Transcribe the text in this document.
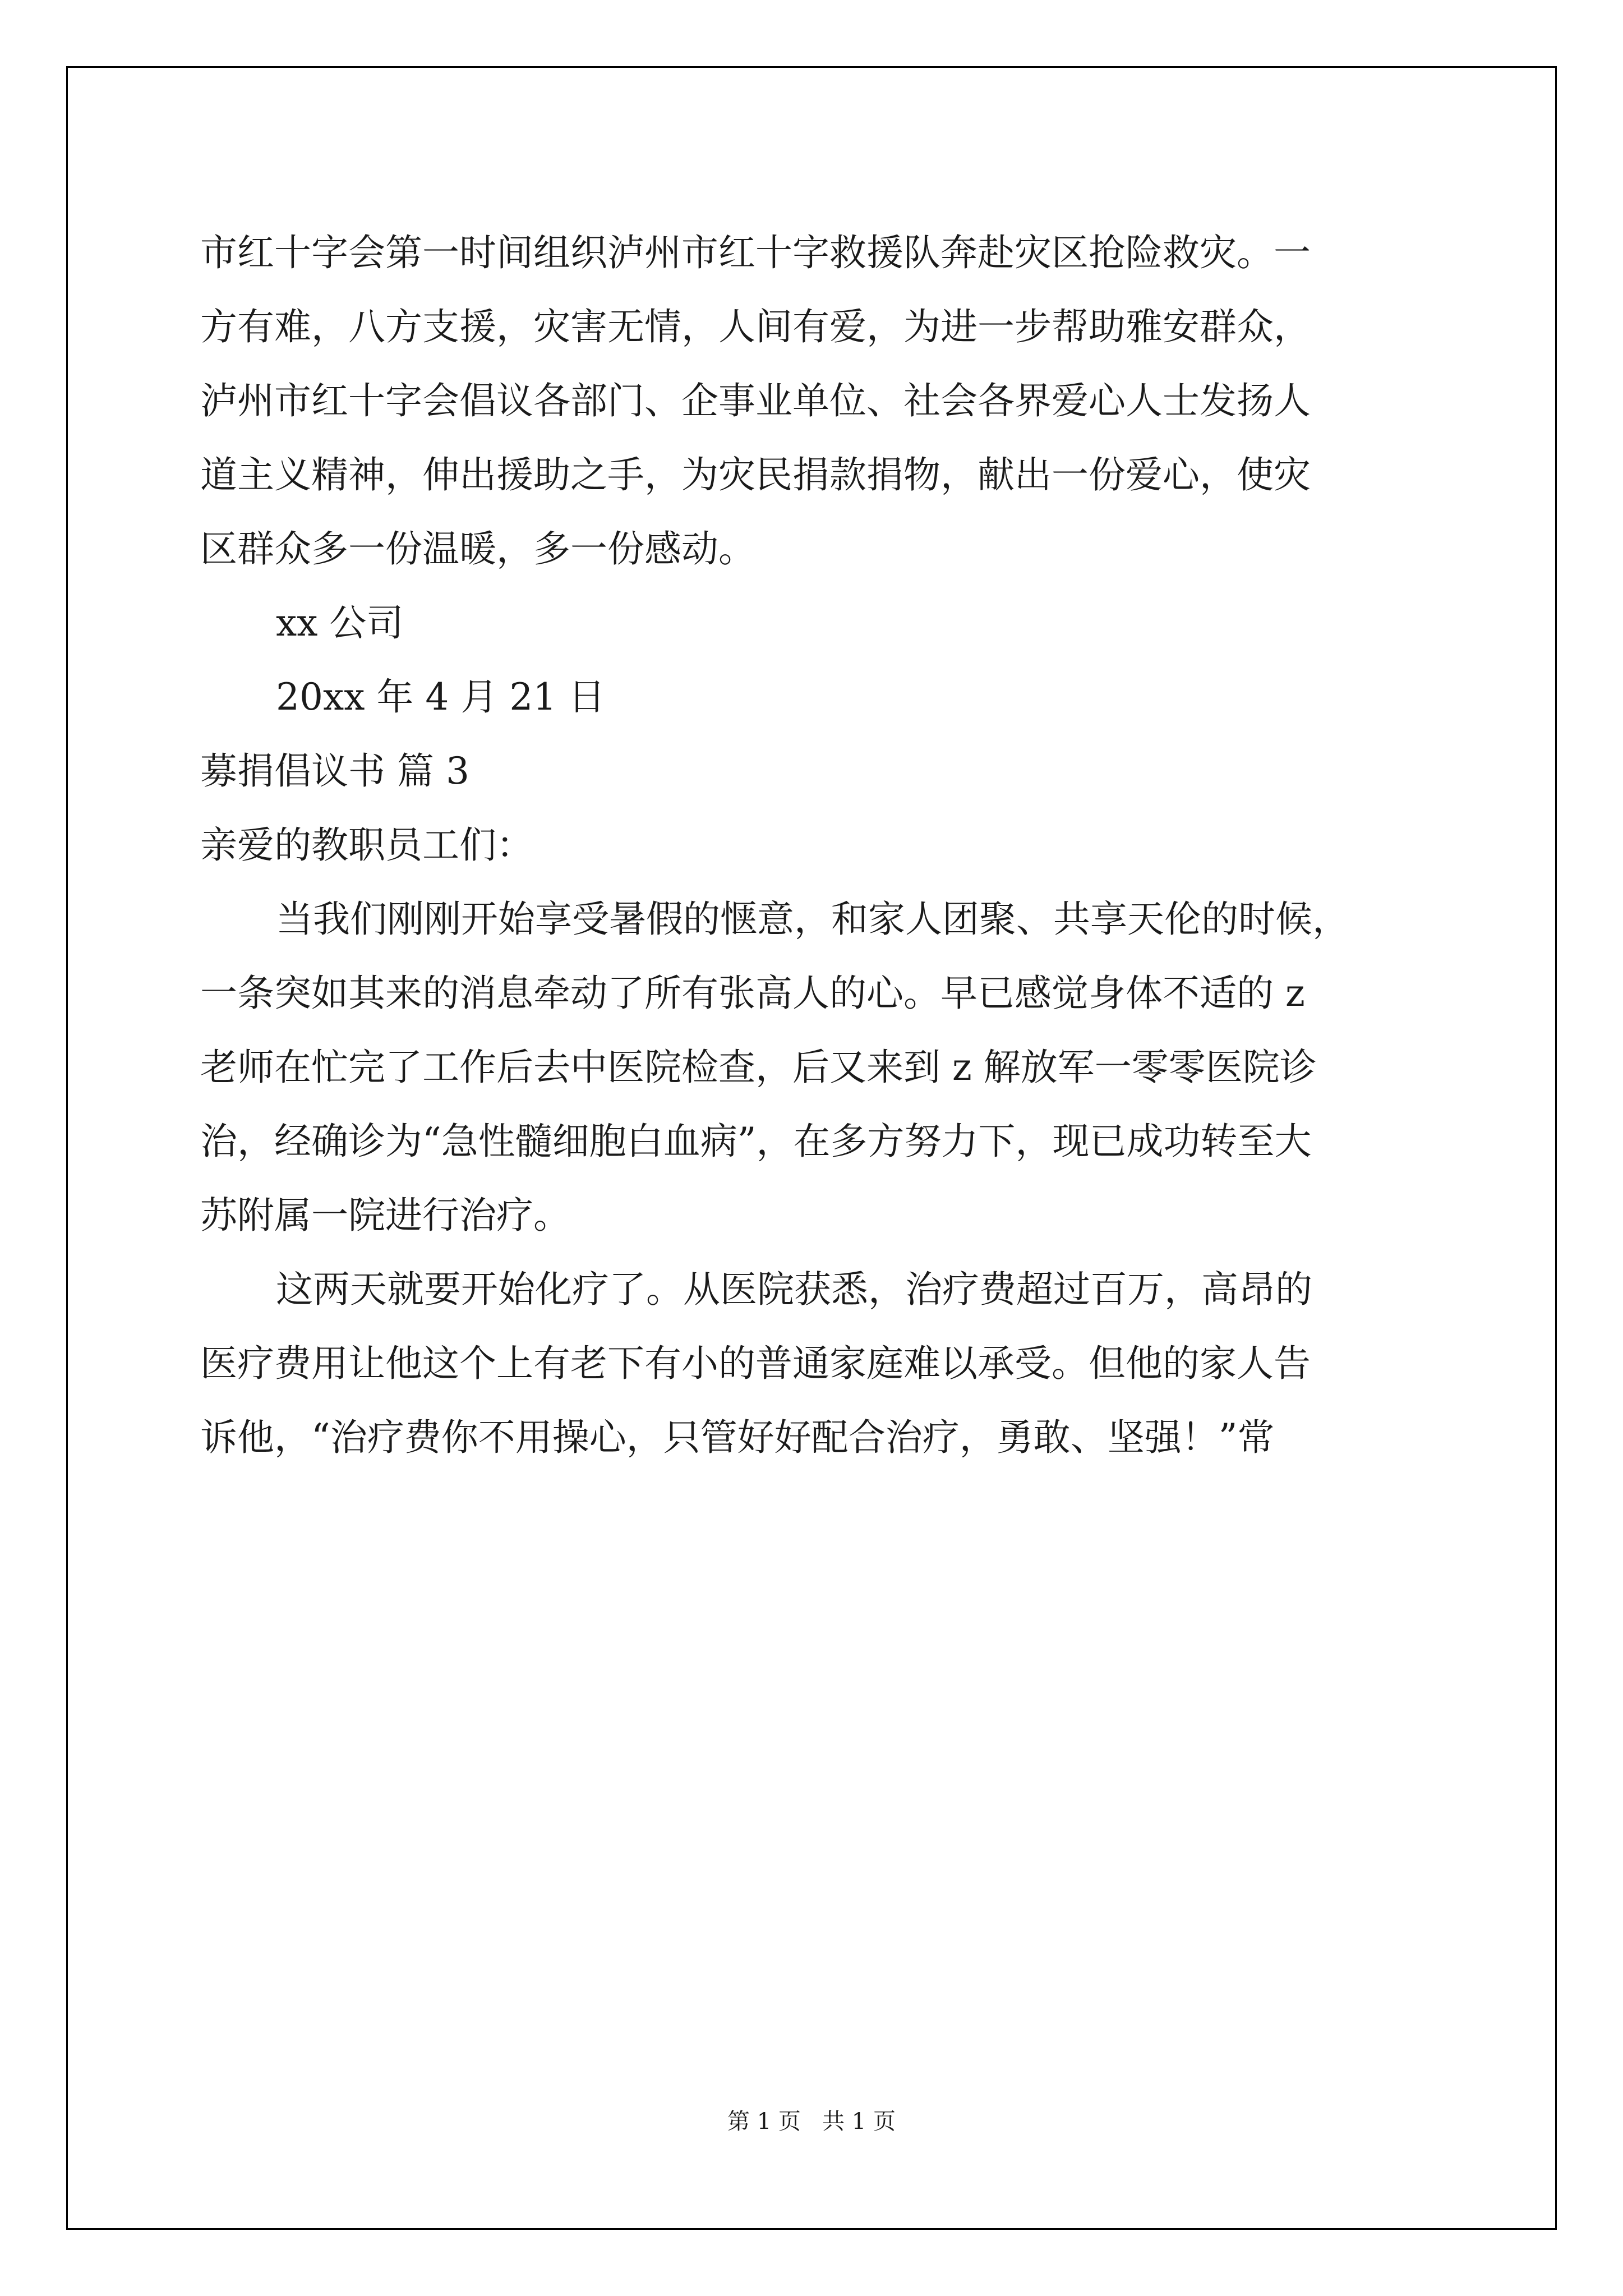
市红十字会第一时间组织泸州市红十字救援队奔赴灾区抢险救灾。一
方有难，八方支援，灾害无情，人间有爱，为进一步帮助雅安群众，
泸州市红十字会倡议各部门、企事业单位、社会各界爱心人士发扬人
道主义精神，伸出援助之手，为灾民捐款捐物，献出一份爱心，使灾
区群众多一份温暖，多一份感动。
xx 公司
20xx 年 4 月 21 日
募捐倡议书 篇 3
亲爱的教职员工们：
当我们刚刚开始享受暑假的惬意，和家人团聚、共享天伦的时候，
一条突如其来的消息牵动了所有张高人的心。早已感觉身体不适的 z
老师在忙完了工作后去中医院检查，后又来到 z 解放军一零零医院诊
治，经确诊为“急性髓细胞白血病”，在多方努力下，现已成功转至大
苏附属一院进行治疗。
这两天就要开始化疗了。从医院获悉，治疗费超过百万，高昂的
医疗费用让他这个上有老下有小的普通家庭难以承受。但他的家人告
诉他，“治疗费你不用操心，只管好好配合治疗，勇敢、坚强！”常
第 1 页   共 1 页
